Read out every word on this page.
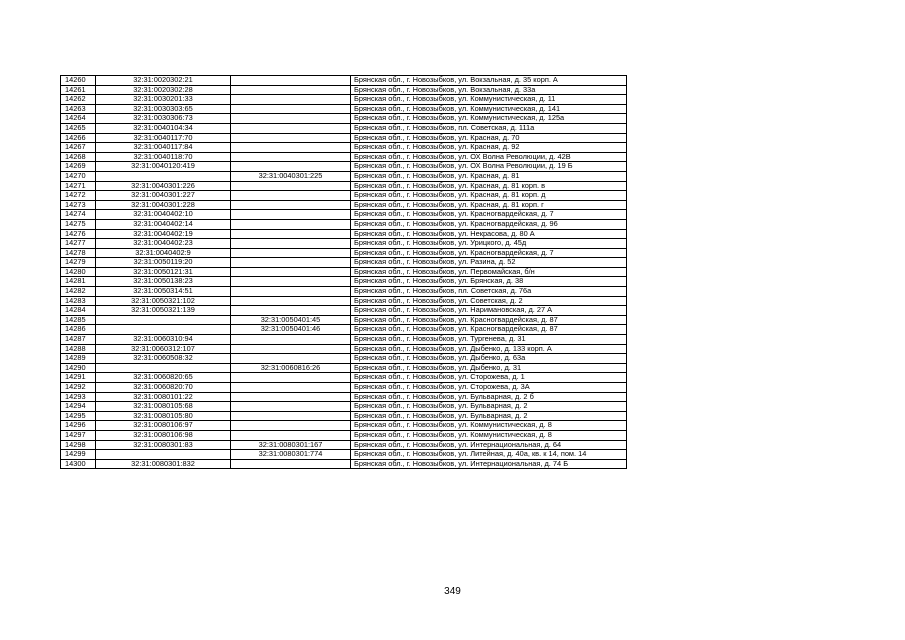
14260	32:31:0020302:21		Брянская обл., г. Новозыбков, ул. Вокзальная, д. 35 корп. А
14261	32:31:0020302:28		Брянская обл., г. Новозыбков, ул. Вокзальная, д. 33а
14262	32:31:0030201:33		Брянская обл., г. Новозыбков, ул. Коммунистическая, д. 11
14263	32:31:0030303:65		Брянская обл., г. Новозыбков, ул. Коммунистическая, д. 141
14264	32:31:0030306:73		Брянская обл., г. Новозыбков, ул. Коммунистическая, д. 125а
14265	32:31:0040104:34		Брянская обл., г. Новозыбков, пл. Советская, д. 111а
14266	32:31:0040117:70		Брянская обл., г. Новозыбков, ул. Красная, д. 70
14267	32:31:0040117:84		Брянская обл., г. Новозыбков, ул. Красная, д. 92
14268	32:31:0040118:70		Брянская обл., г. Новозыбков, ул. ОХ Волна Революции, д. 42В
14269	32:31:0040120:419		Брянская обл., г. Новозыбков, ул. ОХ Волна Революции, д. 19 Б
14270		32:31:0040301:225	Брянская обл., г. Новозыбков, ул. Красная, д. 81
14271	32:31:0040301:226		Брянская обл., г. Новозыбков, ул. Красная, д. 81 корп. в
14272	32:31:0040301:227		Брянская обл., г. Новозыбков, ул. Красная, д. 81 корп. д
14273	32:31:0040301:228		Брянская обл., г. Новозыбков, ул. Красная, д. 81 корп. г
14274	32:31:0040402:10		Брянская обл., г. Новозыбков, ул. Красногвардейская, д. 7
14275	32:31:0040402:14		Брянская обл., г. Новозыбков, ул. Красногвардейская, д. 96
14276	32:31:0040402:19		Брянская обл., г. Новозыбков, ул. Некрасова, д. 80 А
14277	32:31:0040402:23		Брянская обл., г. Новозыбков, ул. Урицкого, д. 45д
14278	32:31:0040402:9		Брянская обл., г. Новозыбков, ул. Красногвардейская, д. 7
14279	32:31:0050119:20		Брянская обл., г. Новозыбков, ул. Разина, д. 52
14280	32:31:0050121:31		Брянская обл., г. Новозыбков, ул. Первомайская, б/н
14281	32:31:0050138:23		Брянская обл., г. Новозыбков, ул. Брянская, д. 38
14282	32:31:0050314:51		Брянская обл., г. Новозыбков, пл. Советская, д. 76а
14283	32:31:0050321:102		Брянская обл., г. Новозыбков, ул. Советская, д. 2
14284	32:31:0050321:139		Брянская обл., г. Новозыбков, ул. Наримановская, д. 27 А
14285		32:31:0050401:45	Брянская обл., г. Новозыбков, ул. Красногвардейская, д. 87
14286		32:31:0050401:46	Брянская обл., г. Новозыбков, ул. Красногвардейская, д. 87
14287	32:31:0060310:94		Брянская обл., г. Новозыбков, ул. Тургенева, д. 31
14288	32:31:0060312:107		Брянская обл., г. Новозыбков, ул. Дыбенко, д. 133 корп. А
14289	32:31:0060508:32		Брянская обл., г. Новозыбков, ул. Дыбенко, д. 63а
14290		32:31:0060816:26	Брянская обл., г. Новозыбков, ул. Дыбенко, д. 31
14291	32:31:0060820:65		Брянская обл., г. Новозыбков, ул. Сторожева, д. 1
14292	32:31:0060820:70		Брянская обл., г. Новозыбков, ул. Сторожева, д. 3А
14293	32:31:0080101:22		Брянская обл., г. Новозыбков, ул. Бульварная, д. 2 б
14294	32:31:0080105:68		Брянская обл., г. Новозыбков, ул. Бульварная, д. 2
14295	32:31:0080105:80		Брянская обл., г. Новозыбков, ул. Бульварная, д. 2
14296	32:31:0080106:97		Брянская обл., г. Новозыбков, ул. Коммунистическая, д. 8
14297	32:31:0080106:98		Брянская обл., г. Новозыбков, ул. Коммунистическая, д. 8
14298	32:31:0080301:83	32:31:0080301:167	Брянская обл., г. Новозыбков, ул. Интернациональная, д. 64
14299		32:31:0080301:774	Брянская обл., г. Новозыбков, ул. Литейная, д. 40а, кв. к 14, пом. 14
14300	32:31:0080301:832		Брянская обл., г. Новозыбков, ул. Интернациональная, д. 74 Б
349
